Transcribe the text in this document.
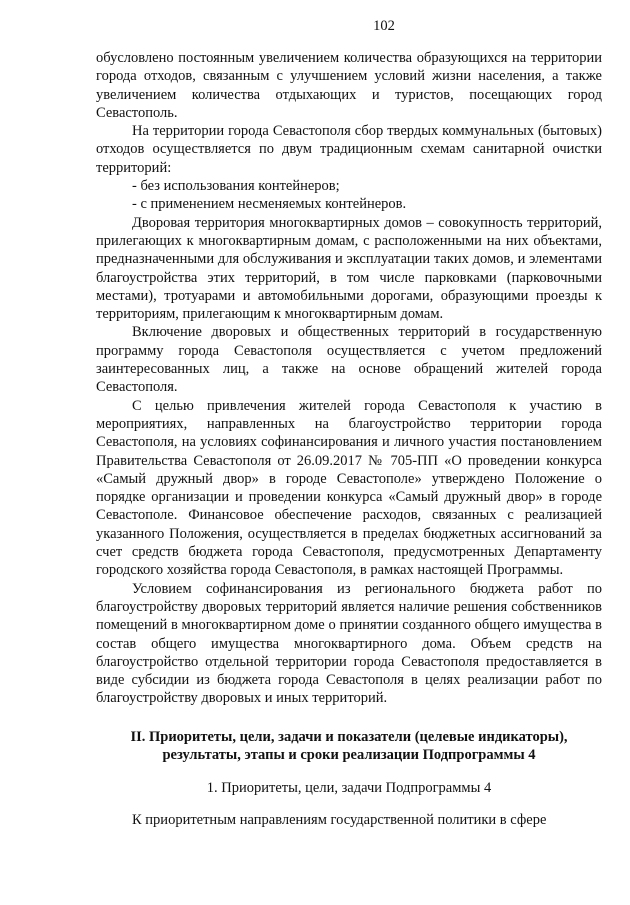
102

обусловлено постоянным увеличением количества образующихся на территории города отходов, связанным с улучшением условий жизни населения, а также увеличением количества отдыхающих и туристов, посещающих город Севастополь.

На территории города Севастополя сбор твердых коммунальных (бытовых) отходов осуществляется по двум традиционным схемам санитарной очистки территорий:

- без использования контейнеров;

- с применением несменяемых контейнеров.

Дворовая территория многоквартирных домов – совокупность территорий, прилегающих к многоквартирным домам, с расположенными на них объектами, предназначенными для обслуживания и эксплуатации таких домов, и элементами благоустройства этих территорий, в том числе парковками (парковочными местами), тротуарами и автомобильными дорогами, образующими проезды к территориям, прилегающим к многоквартирным домам.

Включение дворовых и общественных территорий в государственную программу города Севастополя осуществляется с учетом предложений заинтересованных лиц, а также на основе обращений жителей города Севастополя.

С целью привлечения жителей города Севастополя к участию в мероприятиях, направленных на благоустройство территории города Севастополя, на условиях софинансирования и личного участия постановлением Правительства Севастополя от 26.09.2017 № 705-ПП «О проведении конкурса «Самый дружный двор» в городе Севастополе» утверждено Положение о порядке организации и проведении конкурса «Самый дружный двор» в городе Севастополе. Финансовое обеспечение расходов, связанных с реализацией указанного Положения, осуществляется в пределах бюджетных ассигнований за счет средств бюджета города Севастополя, предусмотренных Департаменту городского хозяйства города Севастополя, в рамках настоящей Программы.

Условием софинансирования из регионального бюджета работ по благоустройству дворовых территорий является наличие решения собственников помещений в многоквартирном доме о принятии созданного общего имущества в состав общего имущества многоквартирного дома. Объем средств на благоустройство отдельной территории города Севастополя предоставляется в виде субсидии из бюджета города Севастополя в целях реализации работ по благоустройству дворовых и иных территорий.

II. Приоритеты, цели, задачи и показатели (целевые индикаторы), результаты, этапы и сроки реализации Подпрограммы 4
1. Приоритеты, цели, задачи Подпрограммы 4

К приоритетным направлениям государственной политики в сфере
